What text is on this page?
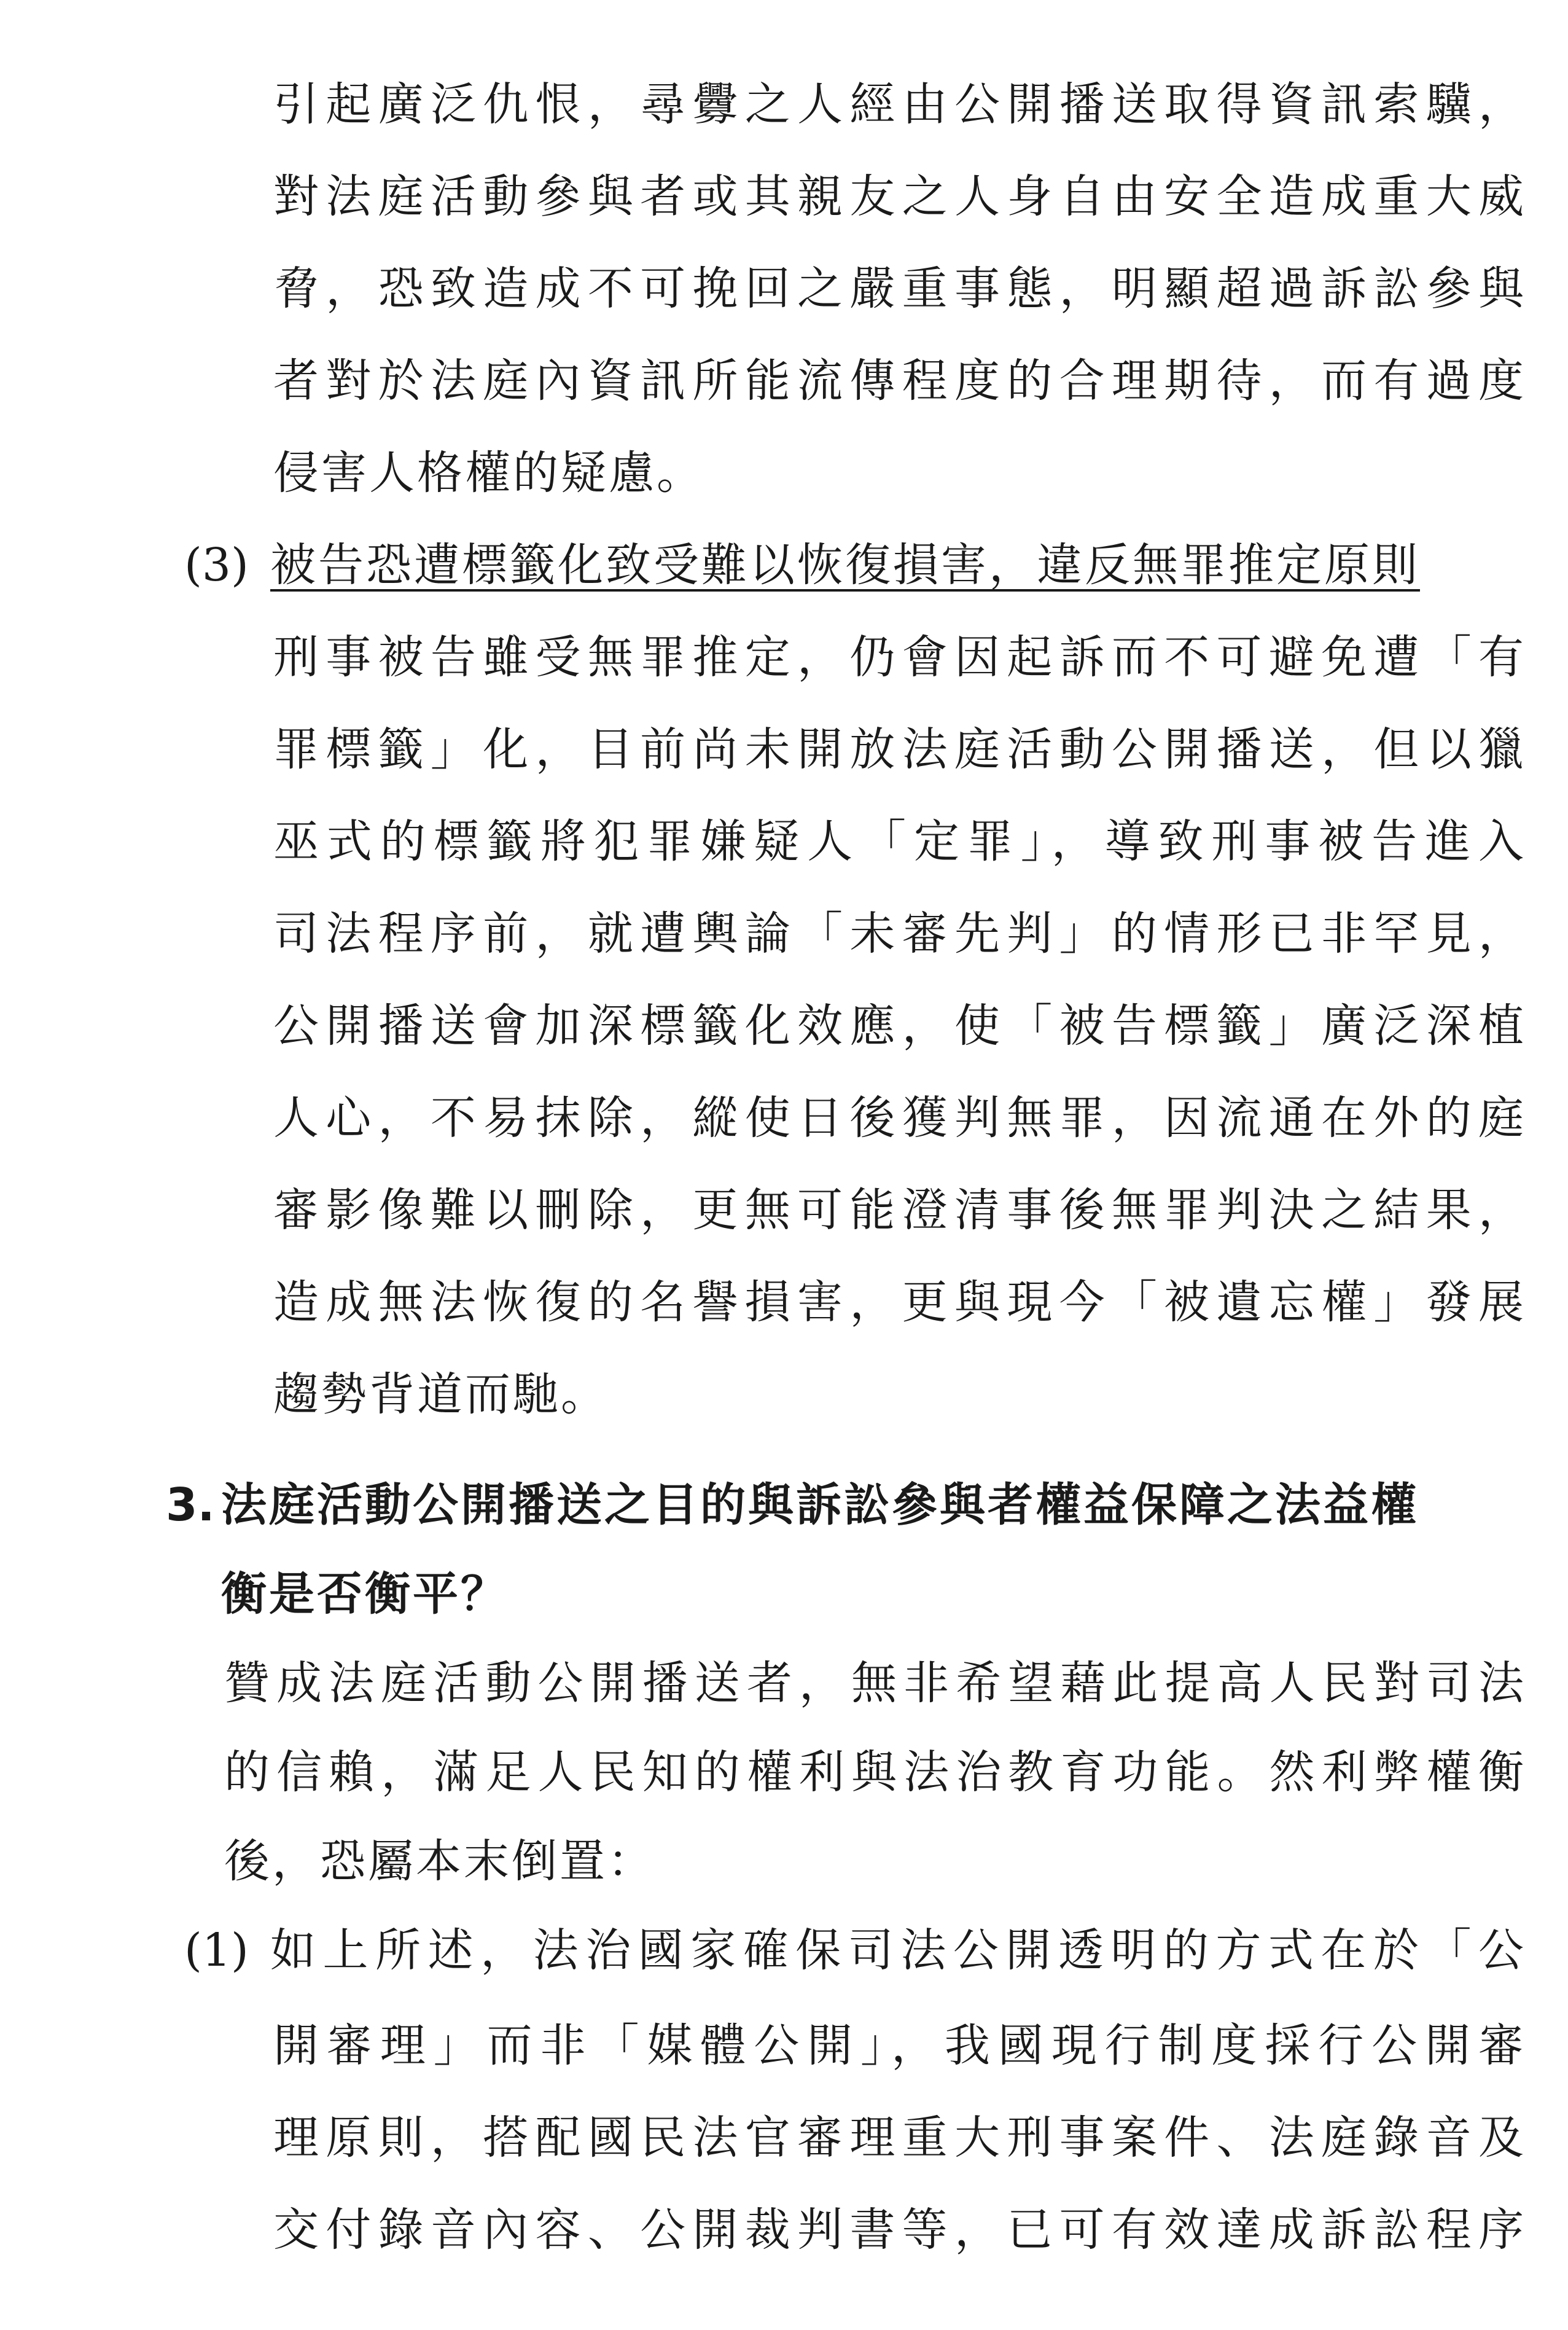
引起廣泛仇恨，尋釁之人經由公開播送取得資訊索驥，
對法庭活動參與者或其親友之人身自由安全造成重大威
脅，恐致造成不可挽回之嚴重事態，明顯超過訴訟參與
者對於法庭內資訊所能流傳程度的合理期待，而有過度
侵害人格權的疑慮。
(3) 被告恐遭標籤化致受難以恢復損害，違反無罪推定原則
刑事被告雖受無罪推定，仍會因起訴而不可避免遭「有
罪標籤」化，目前尚未開放法庭活動公開播送，但以獵
巫式的標籤將犯罪嫌疑人「定罪」，導致刑事被告進入
司法程序前，就遭輿論「未審先判」的情形已非罕見，
公開播送會加深標籤化效應，使「被告標籤」廣泛深植
人心，不易抹除，縱使日後獲判無罪，因流通在外的庭
審影像難以刪除，更無可能澄清事後無罪判決之結果，
造成無法恢復的名譽損害，更與現今「被遺忘權」發展
趨勢背道而馳。
3. 法庭活動公開播送之目的與訴訟參與者權益保障之法益權
衡是否衡平？
贊成法庭活動公開播送者，無非希望藉此提高人民對司法
的信賴，滿足人民知的權利與法治教育功能。然利弊權衡
後，恐屬本末倒置：
(1) 如上所述，法治國家確保司法公開透明的方式在於「公
開審理」而非「媒體公開」，我國現行制度採行公開審
理原則，搭配國民法官審理重大刑事案件、法庭錄音及
交付錄音內容、公開裁判書等，已可有效達成訴訟程序
